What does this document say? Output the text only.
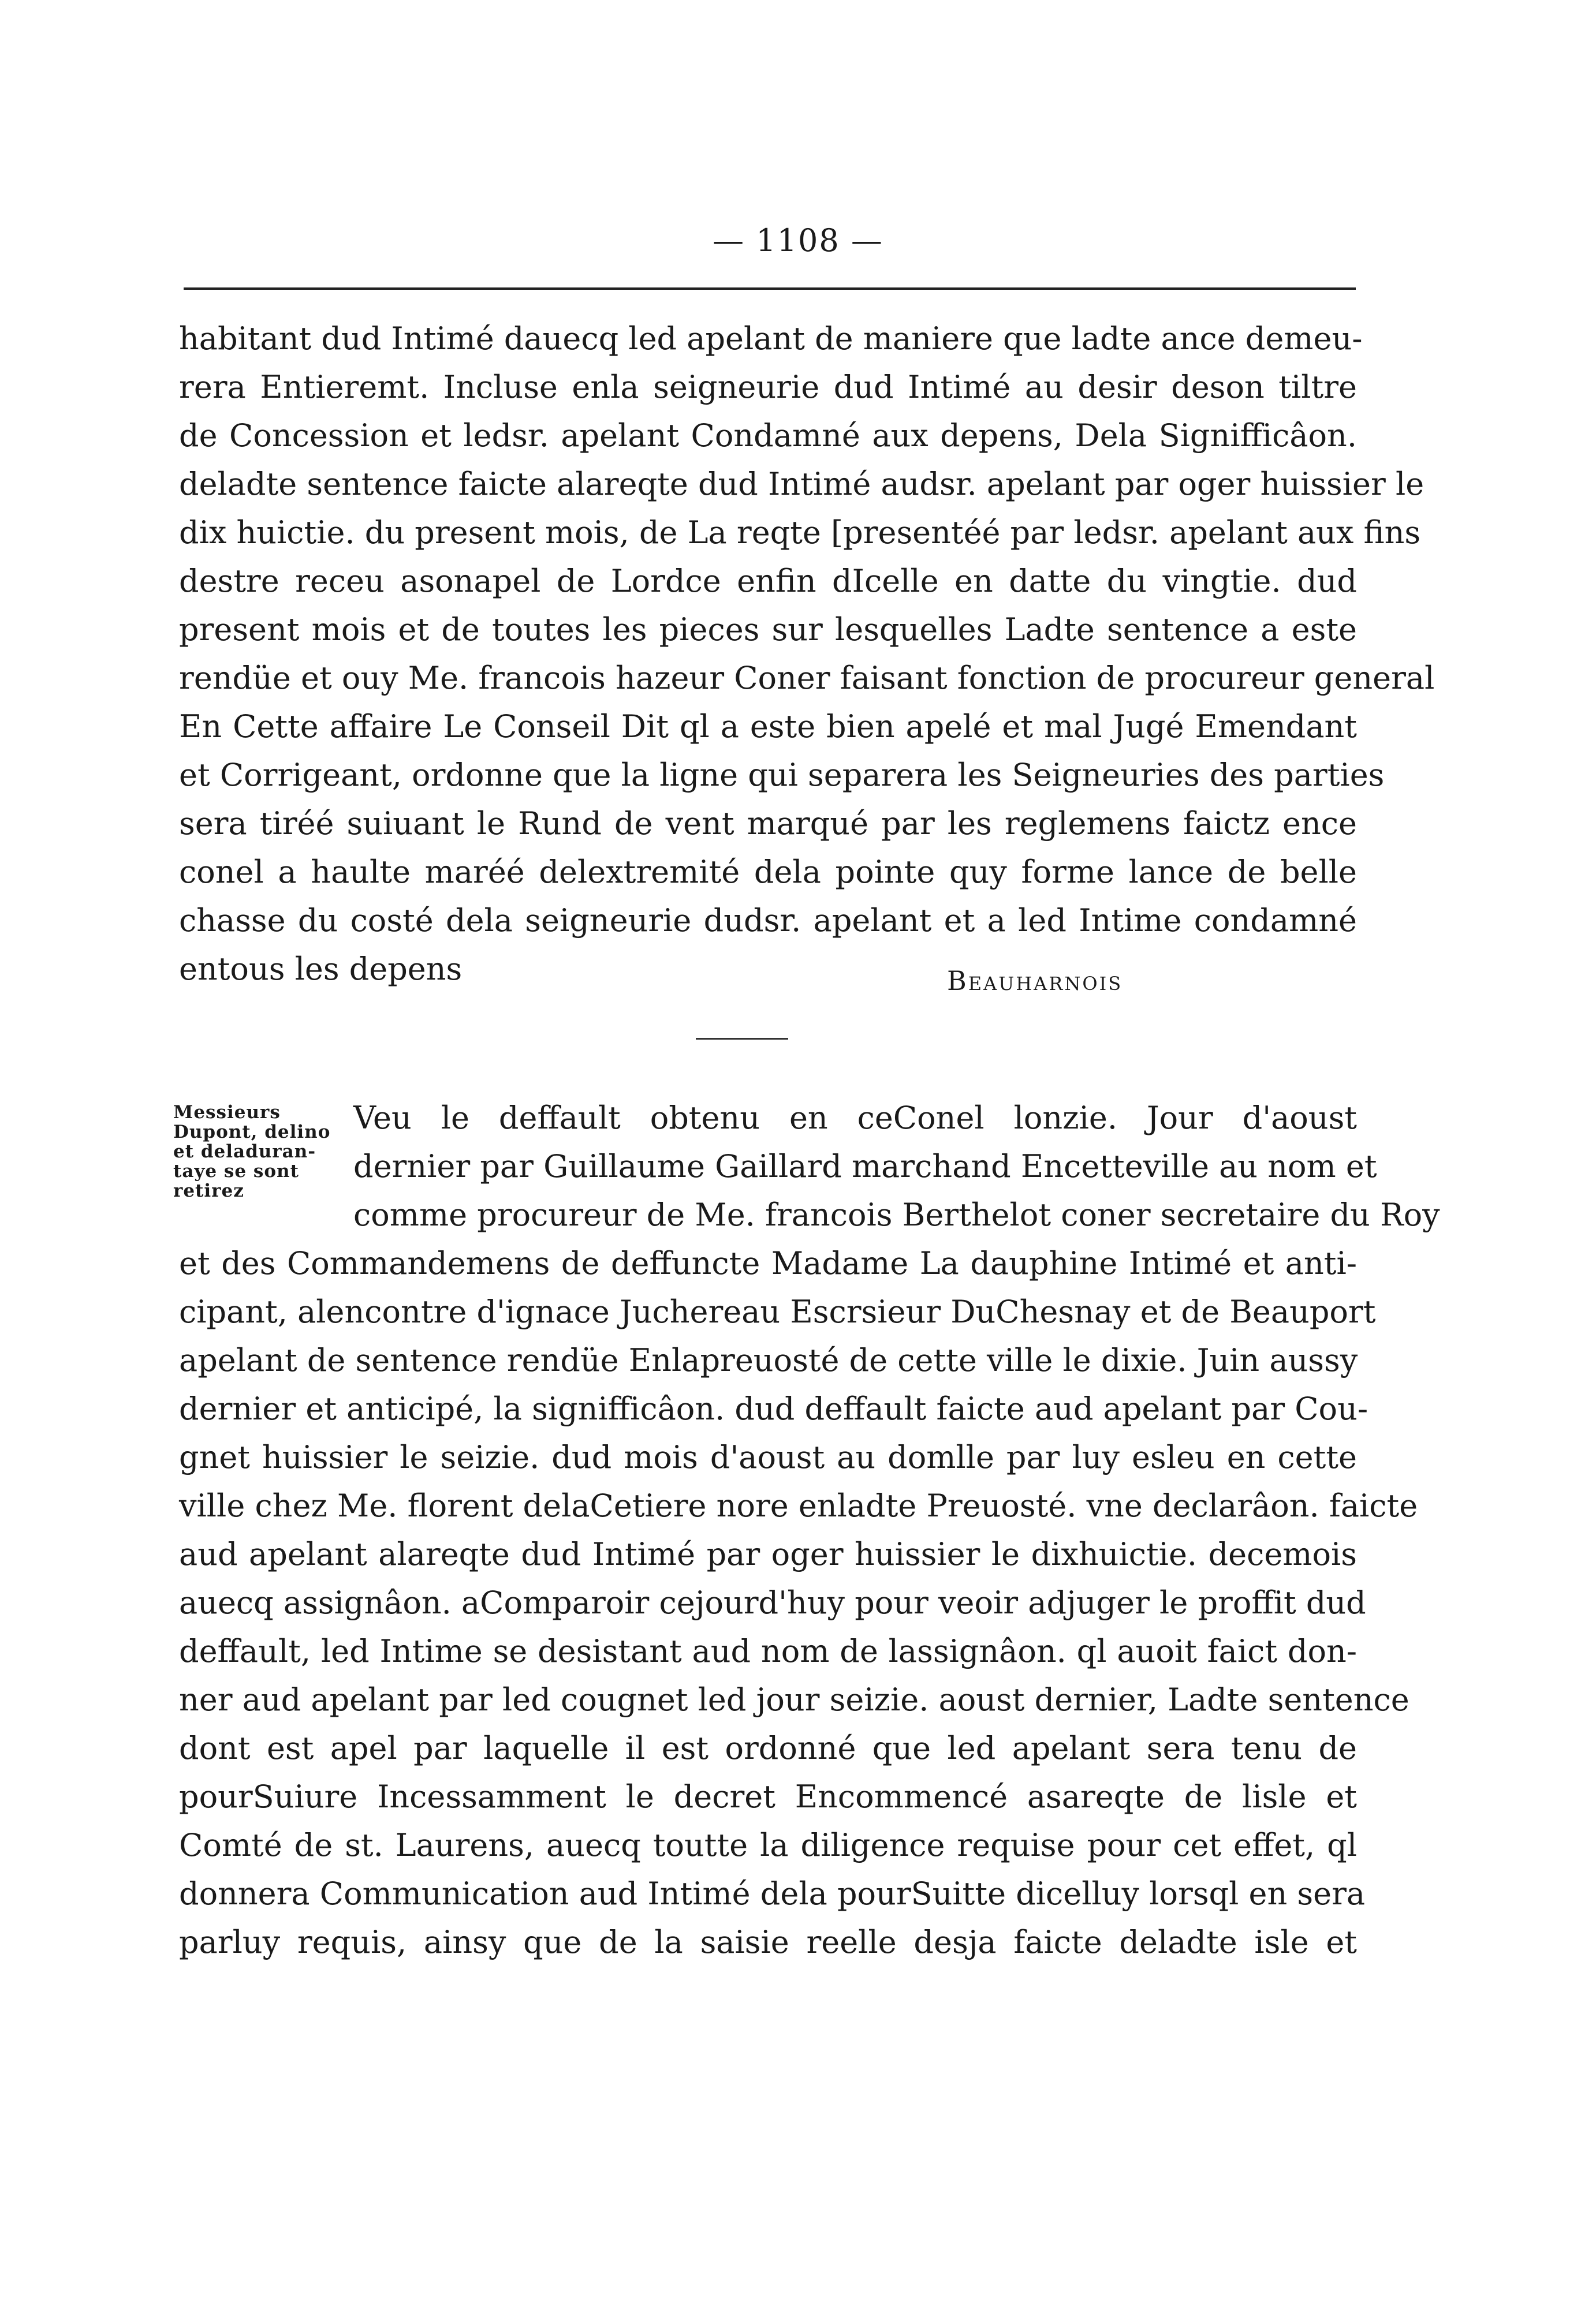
— 1108 —
habitant dud Intimé dauecq led apelant de maniere que ladte ance demeu-
rera Entieremt. Incluse enla seigneurie dud Intimé au desir deson tiltre
de Concession et ledsr. apelant Condamné aux depens, Dela Signifficâon.
deladte sentence faicte alareqte dud Intimé audsr. apelant par oger huissier le
dix huictie. du present mois, de La reqte [presentéé par ledsr. apelant aux fins
destre receu asonapel de Lordce enfin dIcelle en datte du vingtie. dud
present mois et de toutes les pieces sur lesquelles Ladte sentence a este
rendüe et ouy Me. francois hazeur Coner faisant fonction de procureur general
En Cette affaire Le Conseil Dit ql a este bien apelé et mal Jugé Emendant
et Corrigeant, ordonne que la ligne qui separera les Seigneuries des parties
sera tiréé suiuant le Rund de vent marqué par les reglemens faictz ence
conel a haulte maréé delextremité dela pointe quy forme lance de belle
chasse du costé dela seigneurie dudsr. apelant et a led Intime condamné
entous les depens	Beauharnois
Messieurs
Dupont, delino
et deladuran-
taye se sont
retirez
Veu le deffault obtenu en ceConel lonzie. Jour d'aoust
dernier par Guillaume Gaillard marchand Encetteville au nom et
comme procureur de Me. francois Berthelot coner secretaire du Roy
et des Commandemens de deffuncte Madame La dauphine Intimé et anti-
cipant, alencontre d'ignace Juchereau Escrsieur DuChesnay et de Beauport
apelant de sentence rendüe Enlapreuosté de cette ville le dixie. Juin aussy
dernier et anticipé, la signifficâon. dud deffault faicte aud apelant par Cou-
gnet huissier le seizie. dud mois d'aoust au domlle par luy esleu en cette
ville chez Me. florent delaCetiere nore enladte Preuosté. vne declarâon. faicte
aud apelant alareqte dud Intimé par oger huissier le dixhuictie. decemois
auecq assignâon. aComparoir cejourd'huy pour veoir adjuger le proffit dud
deffault, led Intime se desistant aud nom de lassignâon. ql auoit faict don-
ner aud apelant par led cougnet led jour seizie. aoust dernier, Ladte sentence
dont est apel par laquelle il est ordonné que led apelant sera tenu de
pourSuiure Incessamment le decret Encommencé asareqte de lisle et
Comté de st. Laurens, auecq toutte la diligence requise pour cet effet, ql
donnera Communication aud Intimé dela pourSuitte dicelluy lorsql en sera
parluy requis, ainsy que de la saisie reelle desja faicte deladte isle et
